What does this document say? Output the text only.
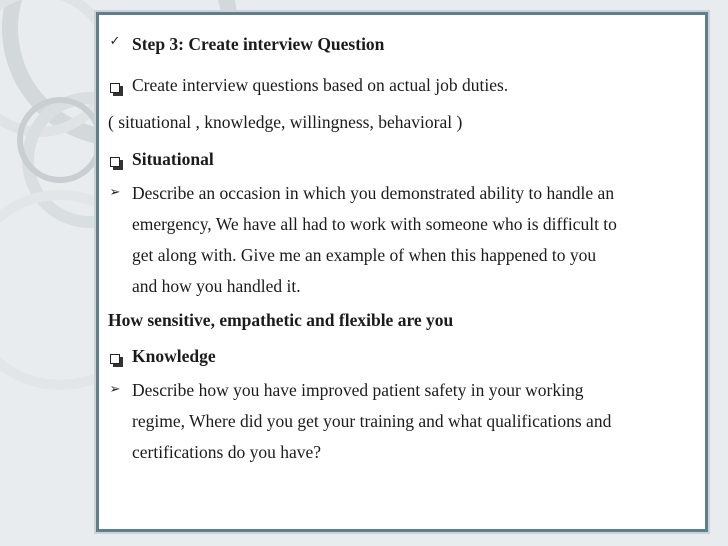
✓ Step 3: Create interview Question

Create interview questions based on actual job duties.

( situational , knowledge, willingness, behavioral )

Situational

➢ Describe an occasion in which you demonstrated ability to handle an
emergency, We have all had to work with someone who is difficult to
get along with. Give me an example of when this happened to you
and how you handled it.

How sensitive, empathetic and flexible are you

Knowledge

➢ Describe how you have improved patient safety in your working
regime, Where did you get your training and what qualifications and
certifications do you have?
